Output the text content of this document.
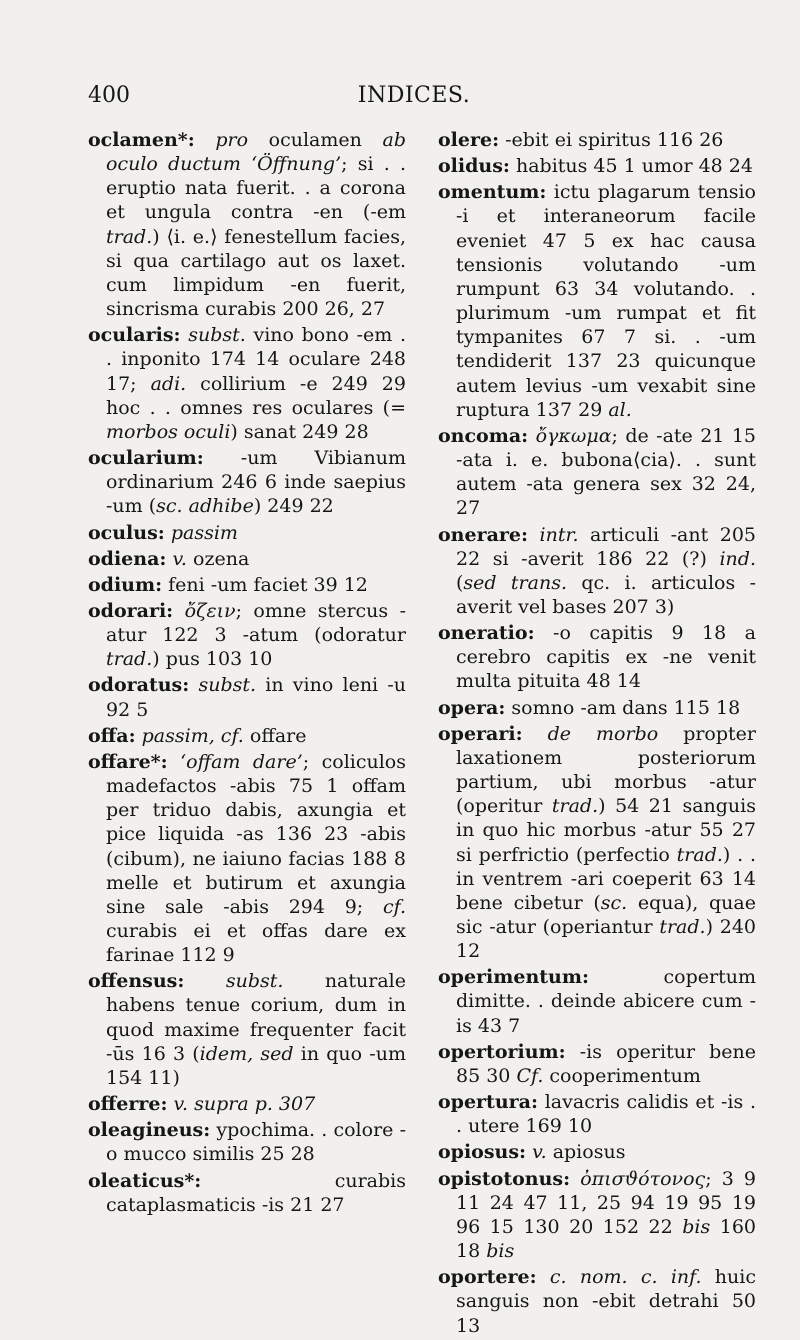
400	INDICES.
oclamen*: pro oculamen ab oculo ductum ‘Öffnung’; si . . eruptio nata fuerit. . a corona et ungula contra -en (-em trad.) ⟨i. e.⟩ fenestellum facies, si qua cartilago aut os laxet. cum limpidum -en fuerit, sincrisma curabis 200 26, 27
ocularis: subst. vino bono -em . . inponito 174 14 oculare 248 17; adi. collirium -e 249 29 hoc . . omnes res oculares (= morbos oculi) sanat 249 28
ocularium: -um Vibianum ordinarium 246 6 inde saepius -um (sc. adhibe) 249 22
oculus: passim
odiena: v. ozena
odium: feni -um faciet 39 12
odorari: ὄζειν; omne stercus -atur 122 3 -atum (odoratur trad.) pus 103 10
odoratus: subst. in vino leni -u 92 5
offa: passim, cf. offare
offare*: ‘offam dare’; coliculos madefactos -abis 75 1 offam per triduo dabis, axungia et pice liquida -as 136 23 -abis (cibum), ne iaiuno facias 188 8 melle et butirum et axungia sine sale -abis 294 9; cf. curabis ei et offas dare ex farinae 112 9
offensus: subst. naturale habens tenue corium, dum in quod maxime frequenter facit -ūs 16 3 (idem, sed in quo -um 154 11)
offerre: v. supra p. 307
oleagineus: ypochima. . colore -o mucco similis 25 28
oleaticus*: curabis cataplasmaticis -is 21 27
olere: -ebit ei spiritus 116 26
olidus: habitus 45 1 umor 48 24
omentum: ictu plagarum tensio -i et interaneorum facile eveniet 47 5 ex hac causa tensionis volutando -um rumpunt 63 34 volutando. . plurimum -um rumpat et fit tympanites 67 7 si. . -um tendiderit 137 23 quicunque autem levius -um vexabit sine ruptura 137 29 al.
oncoma: ὄγκωμα; de -ate 21 15 -ata i. e. bubona⟨cia⟩. . sunt autem -ata genera sex 32 24, 27
onerare: intr. articuli -ant 205 22 si -averit 186 22 (?) ind. (sed trans. qc. i. articulos -averit vel bases 207 3)
oneratio: -o capitis 9 18 a cerebro capitis ex -ne venit multa pituita 48 14
opera: somno -am dans 115 18
operari: de morbo propter laxationem posteriorum partium, ubi morbus -atur (operitur trad.) 54 21 sanguis in quo hic morbus -atur 55 27 si perfrictio (perfectio trad.) . . in ventrem -ari coeperit 63 14 bene cibetur (sc. equa), quae sic -atur (operiantur trad.) 240 12
operimentum: copertum dimitte. . deinde abicere cum -is 43 7
opertorium: -is operitur bene 85 30 Cf. cooperimentum
opertura: lavacris calidis et -is . . utere 169 10
opiosus: v. apiosus
opistotonus: ὀπισϑότονος; 3 9 11 24 47 11, 25 94 19 95 19 96 15 130 20 152 22 bis 160 18 bis
oportere: c. nom. c. inf. huic sanguis non -ebit detrahi 50 13
